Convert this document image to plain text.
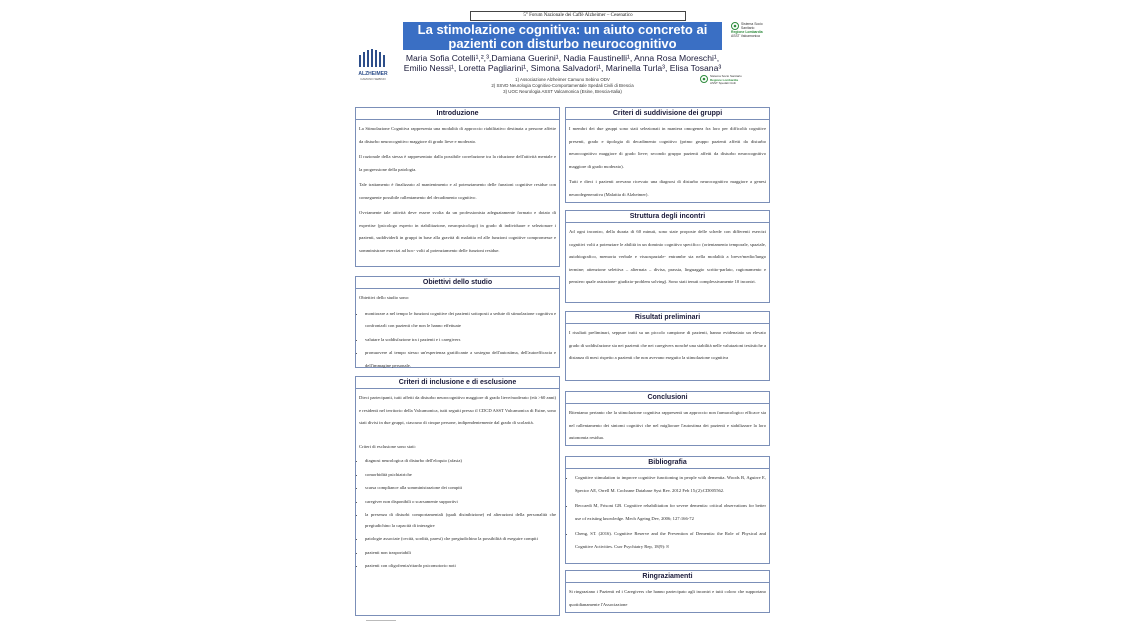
5° Forum Nazionale dei Caffè Alzheimer – Cesenatico
ALZHEIMER
CAMUNO SEBINO
La stimolazione cognitiva: un aiuto concreto ai pazienti con disturbo neurocognitivo
Sistema Socio Sanitario
Regione Lombardia
ASST Valcamonica
Maria Sofia Cotelli¹,²,³,Damiana Guerini¹, Nadia Faustinelli¹, Anna Rosa Moreschi¹, Emilio Nessi¹, Loretta Pagliarini¹, Simona Salvadori¹, Marinella Turla³, Elisa Tosana³
1) Associazione Alzheimer Camuno Sebino ODV
2) SSVD Neurologia Cognitivo-Comportamentale Spedali Civili di Brescia
3) UOC Neurologia ASST Valcamonica (Esine, Brescia-Italia)
Sistema Socio Sanitario
Regione Lombardia
ASST Spedali Civili
Introduzione

La Stimolazione Cognitiva rappresenta una modalità di approccio riabilitativo destinata a persone affette da disturbo neurocognitivo maggiore di grado lieve e moderato.

Il razionale della stessa è rappresentato dalla possibile correlazione tra la riduzione dell'attività mentale e la progressione della patologia.

Tale trattamento è finalizzato al mantenimento e al potenziamento delle funzioni cognitive residue con conseguente possibile rallentamento del decadimento cognitivo.

Ovviamente tale attività deve essere svolta da un professionista adeguatamente formato e dotato di expertise (psicologo esperto in riabilitazione, neuropsicologo) in grado di individuare e selezionare i pazienti, suddividerli in gruppi in base alla gravità di malattia ed alle funzioni cognitive compromesse e somministrare esercizi ad hoc- volti al potenziamento delle funzioni residue.

Obiettivi dello studio

Obiettivi dello studio sono:

• monitorare a nel tempo le funzioni cognitive dei pazienti sottoposti a sedute di stimolazione cognitiva e confrontarli con pazienti che non le hanno effettuate
• valutare la soddisfazione tra i pazienti e i caregivers
• promuovere al tempo stesso un'esperienza gratificante a sostegno dell'autostima, dell'autoefficacia e dell'immagine personale.
Criteri di inclusione e di esclusione

Dieci partecipanti, tutti affetti da disturbo neurocognitivo maggiore di grado lieve/moderato (età >60 anni) e residenti nel territorio della Valcamonica, tutti seguiti presso il CDCD ASST Valcamonica di Esine, sono stati divisi in due gruppi, ciascuno di cinque persone, indipendentemente dal grado di scolarità.

Criteri di esclusione sono stati:

• diagnosi neurologica di disturbo dell'eloquio (afasia)
• comorbidità psichiatriche
• scarsa compliance alla somministrazione dei compiti
• caregiver non disponibili o scarsamente supportivi
• la presenza di disturbi comportamentali (quali disinibizione) ed alterazioni della personalità che pregiudichino la capacità di interagire
• patologie associate (cecità, sordità, paresi) che pregiudichino la possibilità di eseguire compiti
• pazienti non trasportabili
• pazienti con oligofrenia/ritardo psicomotorio noti
Criteri di suddivisione dei gruppi

I membri dei due gruppi sono stati selezionati in maniera omogenea fra loro per difficoltà cognitive presenti, grado e tipologia di decadimento cognitivo (primo gruppo pazienti affetti da disturbo neurocognitivo maggiore di grado lieve; secondo gruppo pazienti affetti da disturbo neurocognitivo maggiore di grado moderato).

Tutti e dieci i pazienti avevano ricevuto una diagnosi di disturbo neurocognitivo maggiore a genesi neurodegenerativa (Malattia di Alzheimer).

Struttura degli incontri

Ad ogni incontro, della durata di 60 minuti, sono state proposte delle schede con differenti esercizi cognitivi volti a potenziare le abilità in un dominio cognitivo specifico: (orientamento temporale, spaziale, autobiografico, memoria verbale e visuospaziale- entrambe sia nella modalità a breve/medio/lungo termine; attenzione selettiva – alternata – divisa, prassia, linguaggio scritto-parlato, ragionamento e pensiero quale astrazione- giudizio-problem solving). Sono stati tenuti complessivamente 10 incontri.

Risultati preliminari

I risultati preliminari, seppure tratti su un piccolo campione di pazienti, hanno evidenziato un elevato grado di soddisfazione sia nei pazienti che nei caregivers nonché una stabilità nelle valutazioni testistiche a distanza di mesi rispetto a pazienti che non avevano eseguito la stimolazione cognitiva

Conclusioni

Riteniamo pertanto che la stimolazione cognitiva rappresenti un approccio non farmacologico efficace sia nel rallentamento dei sintomi cognitivi che nel migliorare l'autostima dei pazienti e stabilizzare la loro autonomia residua.

Bibliografia
• Cognitive stimulation to improve cognitive functioning in people with dementia. Woods B, Aguirre E, Spector AE, Orrell M. Cochrane Database Syst Rev. 2012 Feb 15;(2):CD005562.
• Beccaedi M, Frisoni GB. Cognitive rehabilitation for severe dementia: critical observations for better use of existing knowledge. Mech Ageing Dev, 2006; 127:166-72
• Cheng, ST. (2016). Cognitive Reserve and the Prevention of Dementia: the Role of Physical and Cognitive Activities. Curr Psychiatry Rep, 18(9): 8
Ringraziamenti

Si ringraziano i Pazienti ed i Caregivers che hanno partecipato agli incontri e tutti coloro che supportano quotidianamente l'Associazione
